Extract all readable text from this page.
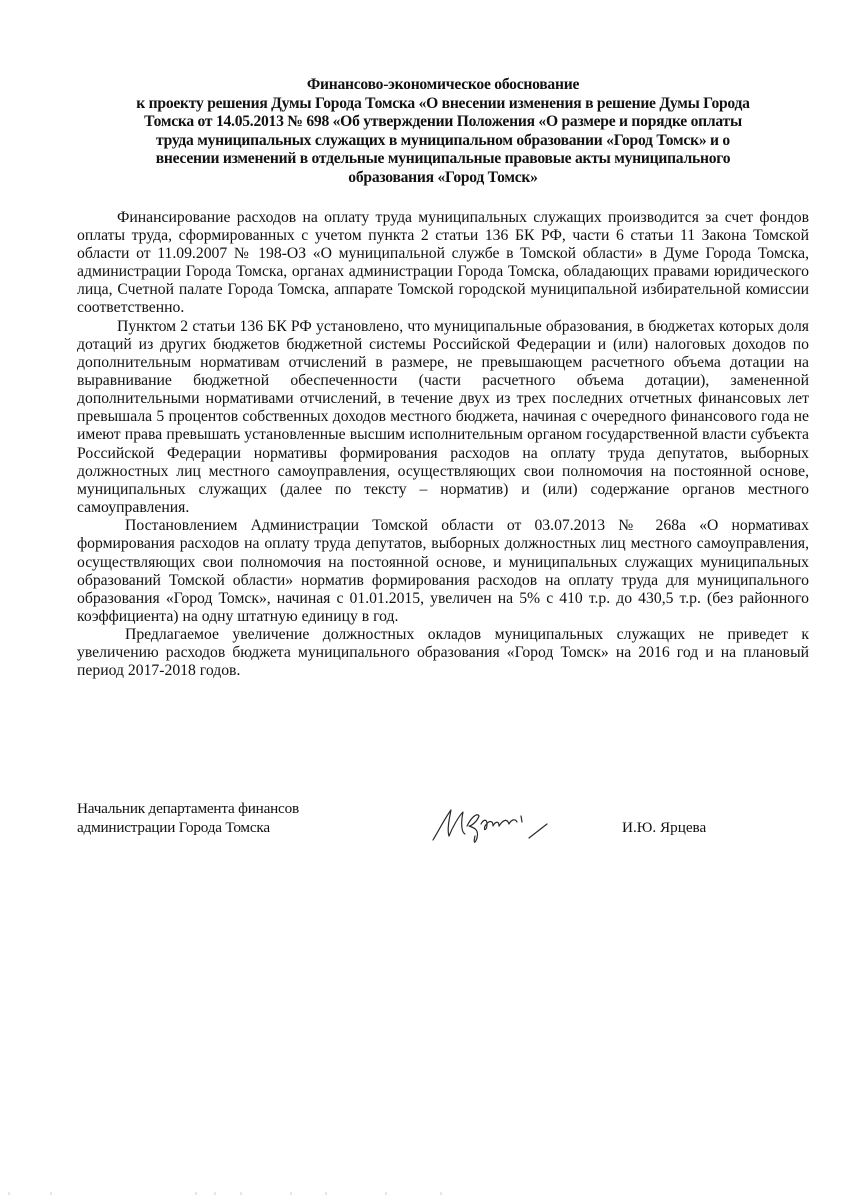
Финансово-экономическое обоснование
к проекту решения Думы Города Томска «О внесении изменения в решение Думы Города
Томска от 14.05.2013 № 698 «Об утверждении Положения «О размере и порядке оплаты
труда муниципальных служащих в муниципальном образовании «Город Томск» и о
внесении изменений в отдельные муниципальные правовые акты муниципального
образования «Город Томск»

Финансирование расходов на оплату труда муниципальных служащих производится за счет фондов оплаты труда, сформированных с учетом пункта 2 статьи 136 БК РФ, части 6 статьи 11 Закона Томской области от 11.09.2007 № 198-ОЗ «О муниципальной службе в Томской области» в Думе Города Томска, администрации Города Томска, органах администрации Города Томска, обладающих правами юридического лица, Счетной палате Города Томска, аппарате Томской городской муниципальной избирательной комиссии соответственно.

Пунктом 2 статьи 136 БК РФ установлено, что муниципальные образования, в бюджетах которых доля дотаций из других бюджетов бюджетной системы Российской Федерации и (или) налоговых доходов по дополнительным нормативам отчислений в размере, не превышающем расчетного объема дотации на выравнивание бюджетной обеспеченности (части расчетного объема дотации), замененной дополнительными нормативами отчислений, в течение двух из трех последних отчетных финансовых лет превышала 5 процентов собственных доходов местного бюджета, начиная с очередного финансового года не имеют права превышать установленные высшим исполнительным органом государственной власти субъекта Российской Федерации нормативы формирования расходов на оплату труда депутатов, выборных должностных лиц местного самоуправления, осуществляющих свои полномочия на постоянной основе, муниципальных служащих (далее по тексту – норматив) и (или) содержание органов местного самоуправления.

Постановлением Администрации Томской области от 03.07.2013 № 268а «О нормативах формирования расходов на оплату труда депутатов, выборных должностных лиц местного самоуправления, осуществляющих свои полномочия на постоянной основе, и муниципальных служащих муниципальных образований Томской области» норматив формирования расходов на оплату труда для муниципального образования «Город Томск», начиная с 01.01.2015, увеличен на 5% с 410 т.р. до 430,5 т.р. (без районного коэффициента) на одну штатную единицу в год.

Предлагаемое увеличение должностных окладов муниципальных служащих не приведет к увеличению расходов бюджета муниципального образования «Город Томск» на 2016 год и на плановый период 2017-2018 годов.

Начальник департамента финансов
администрации Города Томска	И.Ю. Ярцева
